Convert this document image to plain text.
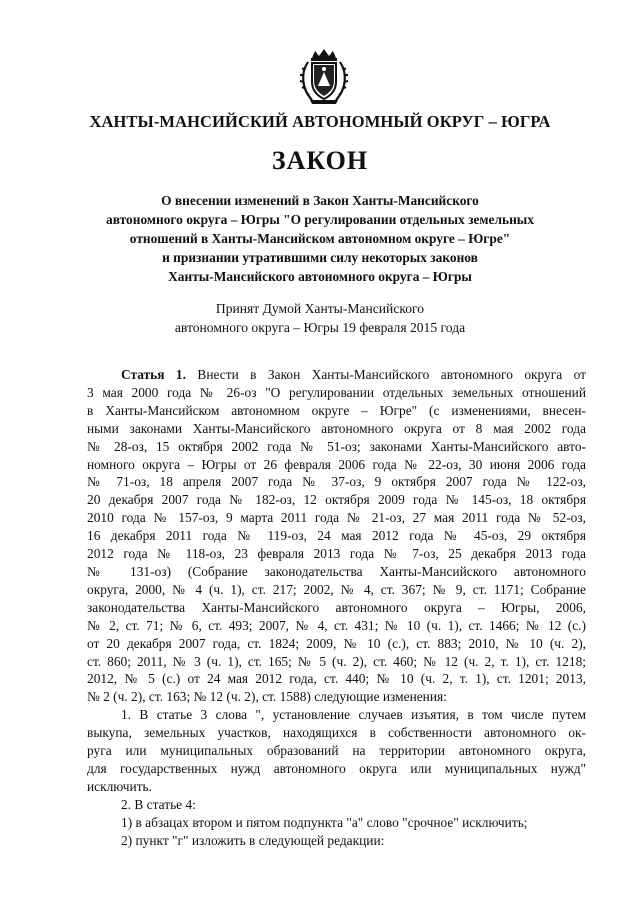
ХАНТЫ-МАНСИЙСКИЙ АВТОНОМНЫЙ ОКРУГ – ЮГРА
ЗАКОН
О внесении изменений в Закон Ханты-Мансийского
автономного округа – Югры "О регулировании отдельных земельных
отношений в Ханты-Мансийском автономном округе – Югре"
и признании утратившими силу некоторых законов
Ханты-Мансийского автономного округа – Югры
Принят Думой Ханты-Мансийского
автономного округа – Югры 19 февраля 2015 года

Статья 1. Внести в Закон Ханты-Мансийского автономного округа от
3 мая 2000 года № 26-оз "О регулировании отдельных земельных отношений
в Ханты-Мансийском автономном округе – Югре" (с изменениями, внесен-
ными законами Ханты-Мансийского автономного округа от 8 мая 2002 года
№ 28-оз, 15 октября 2002 года № 51-оз; законами Ханты-Мансийского авто-
номного округа – Югры от 26 февраля 2006 года № 22-оз, 30 июня 2006 года
№ 71-оз, 18 апреля 2007 года № 37-оз, 9 октября 2007 года № 122-оз,
20 декабря 2007 года № 182-оз, 12 октября 2009 года № 145-оз, 18 октября
2010 года № 157-оз, 9 марта 2011 года № 21-оз, 27 мая 2011 года № 52-оз,
16 декабря 2011 года № 119-оз, 24 мая 2012 года № 45-оз, 29 октября
2012 года № 118-оз, 23 февраля 2013 года № 7-оз, 25 декабря 2013 года
№ 131-оз) (Собрание законодательства Ханты-Мансийского автономного
округа, 2000, № 4 (ч. 1), ст. 217; 2002, № 4, ст. 367; № 9, ст. 1171; Собрание
законодательства Ханты-Мансийского автономного округа – Югры, 2006,
№ 2, ст. 71; № 6, ст. 493; 2007, № 4, ст. 431; № 10 (ч. 1), ст. 1466; № 12 (с.)
от 20 декабря 2007 года, ст. 1824; 2009, № 10 (с.), ст. 883; 2010, № 10 (ч. 2),
ст. 860; 2011, № 3 (ч. 1), ст. 165; № 5 (ч. 2), ст. 460; № 12 (ч. 2, т. 1), ст. 1218;
2012, № 5 (с.) от 24 мая 2012 года, ст. 440; № 10 (ч. 2, т. 1), ст. 1201; 2013,
№ 2 (ч. 2), ст. 163; № 12 (ч. 2), ст. 1588) следующие изменения:

1. В статье 3 слова ", установление случаев изъятия, в том числе путем
выкупа, земельных участков, находящихся в собственности автономного ок-
руга или муниципальных образований на территории автономного округа,
для государственных нужд автономного округа или муниципальных нужд"
исключить.

2. В статье 4:

1) в абзацах втором и пятом подпункта "а" слово "срочное" исключить;

2) пункт "г" изложить в следующей редакции:
